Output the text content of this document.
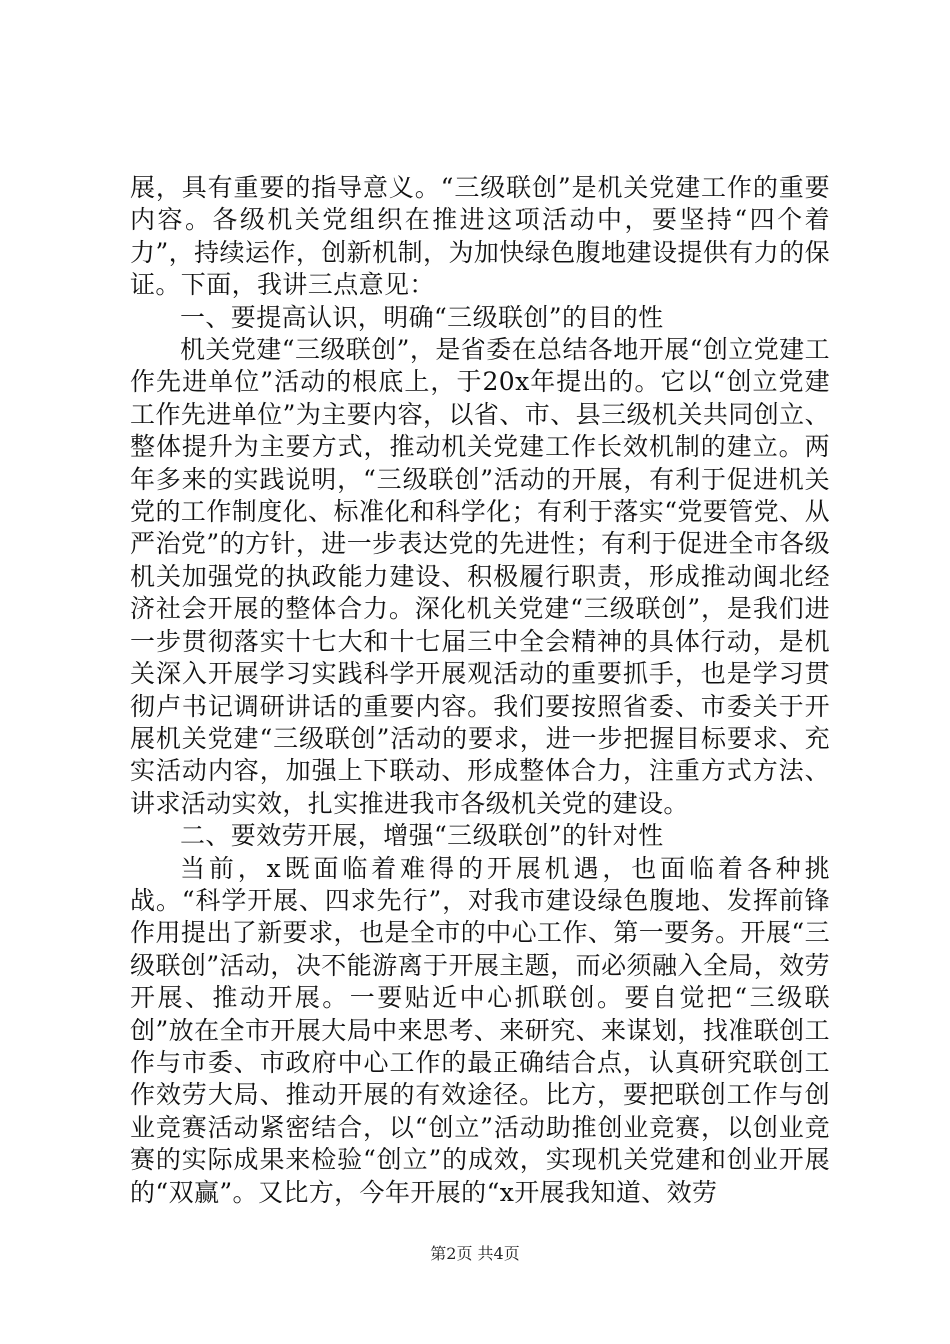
展，具有重要的指导意义。“三级联创”是机关党建工作的重要内容。各级机关党组织在推进这项活动中，要坚持“四个着力”，持续运作，创新机制，为加快绿色腹地建设提供有力的保证。下面，我讲三点意见：

一、要提高认识，明确“三级联创”的目的性

机关党建“三级联创”，是省委在总结各地开展“创立党建工作先进单位”活动的根底上，于20x年提出的。它以“创立党建工作先进单位”为主要内容，以省、市、县三级机关共同创立、整体提升为主要方式，推动机关党建工作长效机制的建立。两年多来的实践说明，“三级联创”活动的开展，有利于促进机关党的工作制度化、标准化和科学化；有利于落实“党要管党、从严治党”的方针，进一步表达党的先进性；有利于促进全市各级机关加强党的执政能力建设、积极履行职责，形成推动闽北经济社会开展的整体合力。深化机关党建“三级联创”，是我们进一步贯彻落实十七大和十七届三中全会精神的具体行动，是机关深入开展学习实践科学开展观活动的重要抓手，也是学习贯彻卢书记调研讲话的重要内容。我们要按照省委、市委关于开展机关党建“三级联创”活动的要求，进一步把握目标要求、充实活动内容，加强上下联动、形成整体合力，注重方式方法、讲求活动实效，扎实推进我市各级机关党的建设。

二、要效劳开展，增强“三级联创”的针对性

当前，x既面临着难得的开展机遇，也面临着各种挑战。“科学开展、四求先行”，对我市建设绿色腹地、发挥前锋作用提出了新要求，也是全市的中心工作、第一要务。开展“三级联创”活动，决不能游离于开展主题，而必须融入全局，效劳开展、推动开展。一要贴近中心抓联创。要自觉把“三级联创”放在全市开展大局中来思考、来研究、来谋划，找准联创工作与市委、市政府中心工作的最正确结合点，认真研究联创工作效劳大局、推动开展的有效途径。比方，要把联创工作与创业竞赛活动紧密结合，以“创立”活动助推创业竞赛，以创业竞赛的实际成果来检验“创立”的成效，实现机关党建和创业开展的“双赢”。又比方，今年开展的“x开展我知道、效劳

第2页 共4页
